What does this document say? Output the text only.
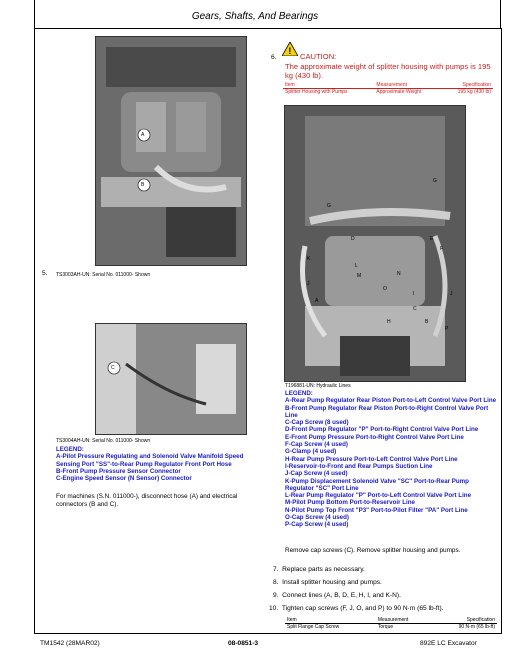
Gears, Shafts, And Bearings
A
B
5. TS3003AH-UN: Serial No. 011000- Shown
C
TS3004AH-UN: Serial No. 011000- Shown
LEGEND:
A-Pilot Pressure Regulating and Solenoid Valve Manifold Speed Sensing Port "SS"-to-Rear Pump Regulator Front Port Hose
B-Front Pump Pressure Sensor Connector
C-Engine Speed Sensor (N Sensor) Connector
For machines (S.N. 011000-), disconnect hose (A) and electrical connectors (B and C).
6.
!
CAUTION:
The approximate weight of splitter housing with pumps is 195 kg (430 lb).
Item	Measurement	Specification
Splitter Housing with Pumps	Approximate Weight	195 kg (430 lb)
G
G
H	B
C
D	E
F
K
L
M	N
J
A
I	J
O
P
T196881-UN: Hydraulic Lines
LEGEND:
A-Rear Pump Regulator Rear Piston Port-to-Left Control Valve Port Line
B-Front Pump Regulator Rear Piston Port-to-Right Control Valve Port Line
C-Cap Screw (8 used)
D-Front Pump Regulator "P" Port-to-Right Control Valve Port Line
E-Front Pump Pressure Port-to-Right Control Valve Port Line
F-Cap Screw (4 used)
G-Clamp (4 used)
H-Rear Pump Pressure Port-to-Left Control Valve Port Line
I-Reservoir-to-Front and Rear Pumps Suction Line
J-Cap Screw (4 used)
K-Pump Displacement Solenoid Valve "SC" Port-to-Rear Pump Regulator "SC" Port Line
L-Rear Pump Regulator "P" Port-to-Left Control Valve Port Line
M-Pilot Pump Bottom Port-to-Reservoir Line
N-Pilot Pump Top Front "P3" Port-to-Pilot Filter "PA" Port Line
O-Cap Screw (4 used)
P-Cap Screw (4 used)
Remove cap screws (C). Remove splitter housing and pumps.
7. Replace parts as necessary.
8. Install splitter housing and pumps.
9. Connect lines (A, B, D, E, H, I, and K-N).
10. Tighten cap screws (F, J, O, and P) to 90 N·m (65 lb-ft).
Item	Measurement	Specification
Split Flange Cap Screw	Torque	90 N·m (65 lb-ft)
TM1542 (28MAR02)	08-0851-3	892E LC Excavator
